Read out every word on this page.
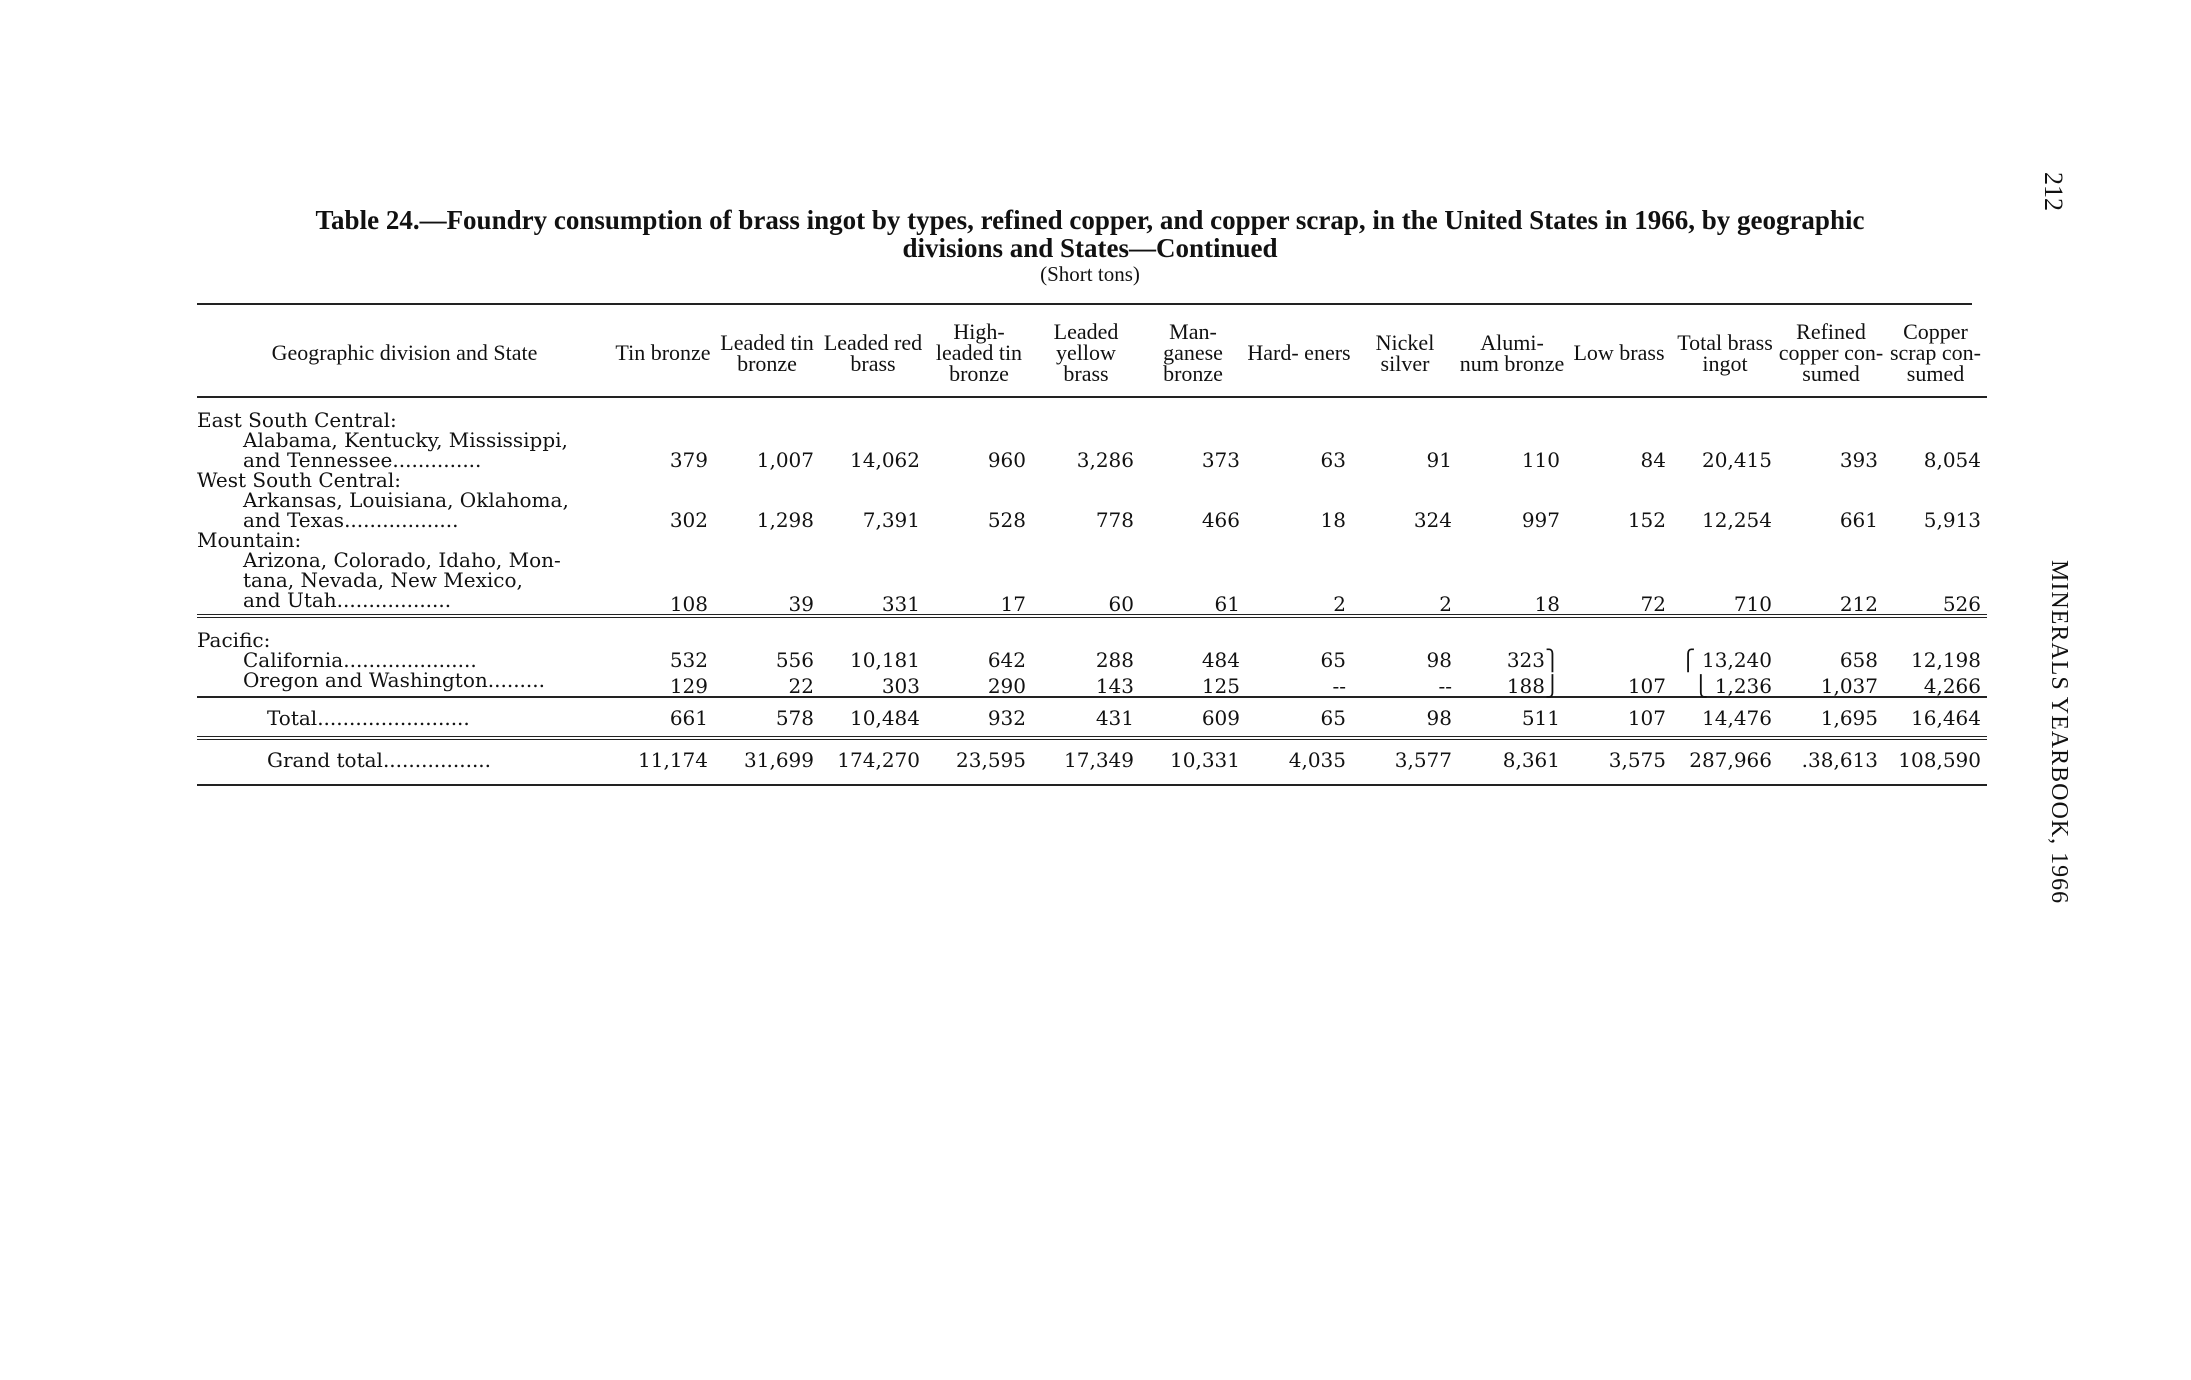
212
MINERALS YEARBOOK, 1966
Table 24.—Foundry consumption of brass ingot by types, refined copper, and copper scrap, in the United States in 1966, by geographic
divisions and States—Continued
(Short tons)
Geographic division and State	Tin bronze	Leaded tin bronze	Leaded red brass	High- leaded tin bronze	Leaded yellow brass	Man- ganese bronze	Hard- eners	Nickel silver	Alumi- num bronze	Low brass	Total brass ingot	Refined copper con- sumed	Copper scrap con- sumed

East South Central:													

Alabama, Kentucky, Mississippi,													

and Tennessee..............	379	1,007	14,062	960	3,286	373	63	91	110	84	20,415	393	8,054
West South Central:													

Arkansas, Louisiana, Oklahoma,													

and Texas..................	302	1,298	7,391	528	778	466	18	324	997	152	12,254	661	5,913
Mountain:													

Arizona, Colorado, Idaho, Mon-													

tana, Nevada, New Mexico,													

and Utah..................	108	39	331	17	60	61	2	2	18	72	710	212	526

Pacific:													

California.....................	532	556	10,181	642	288	484	65	98	323⎫		⎧ 13,240	658	12,198

Oregon and Washington.........	129	22	303	290	143	125	--	--	188⎭	107	⎩ 1,236	1,037	4,266

Total........................	661	578	10,484	932	431	609	65	98	511	107	14,476	1,695	16,464

Grand total.................	11,174	31,699	174,270	23,595	17,349	10,331	4,035	3,577	8,361	3,575	287,966	.38,613	108,590
